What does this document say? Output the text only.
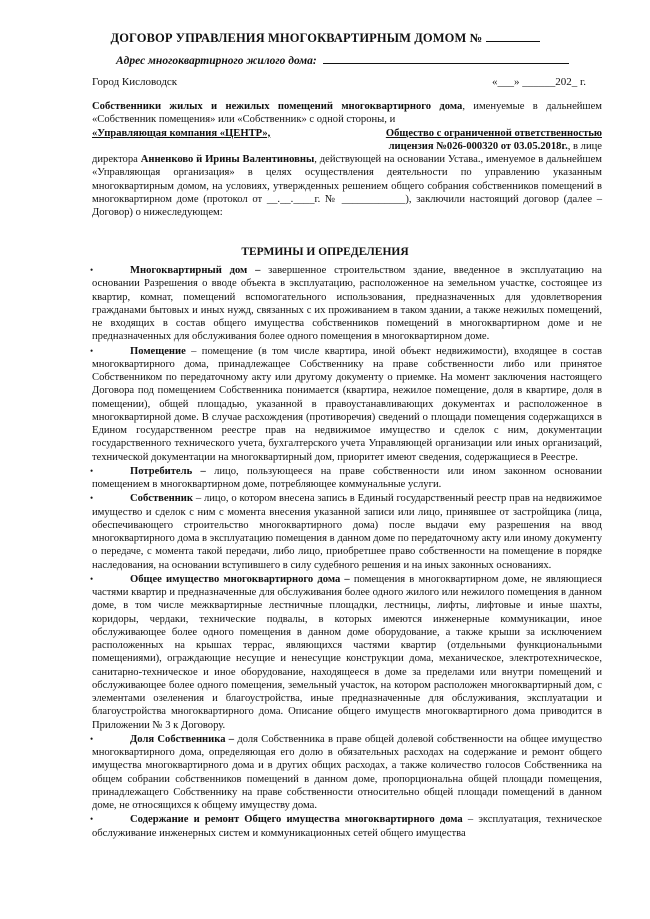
ДОГОВОР УПРАВЛЕНИЯ МНОГОКВАРТИРНЫМ ДОМОМ №
Адрес многоквартирного жилого дома:
Город Кисловодск	«___» ______202_ г.
Собственники жилых и нежилых помещений многоквартирного дома, именуемые в дальнейшем «Собственник помещения» или «Собственник» с одной стороны, и
«Управляющая компания «ЦЕНТР»,	Общество с ограниченной ответственностью
лицензия №026-000320 от 03.05.2018г., в лице
директора Анненково й Ирины Валентиновны, действующей на основании Устава., именуемое в дальнейшем «Управляющая организация» в целях осуществления деятельности по управлению указанным многоквартирным домом, на условиях, утвержденных решением общего собрания собственников помещений в многоквартирном доме (протокол от __.__.____г. № ____________), заключили настоящий договор (далее – Договор) о нижеследующем:
ТЕРМИНЫ И ОПРЕДЕЛЕНИЯ
•	Многоквартирный дом – завершенное строительством здание, введенное в эксплуатацию на основании Разрешения о вводе объекта в эксплуатацию, расположенное на земельном участке, состоящее из квартир, комнат, помещений вспомогательного использования, предназначенных для удовлетворения гражданами бытовых и иных нужд, связанных с их проживанием в таком здании, а также нежилых помещений, не входящих в состав общего имущества собственников помещений в многоквартирном доме и не предназначенных для обслуживания более одного помещения в многоквартирном доме.
•	Помещение – помещение (в том числе квартира, иной объект недвижимости), входящее в состав многоквартирного дома, принадлежащее Собственнику на праве собственности либо или принятое Собственником по передаточному акту или другому документу о приемке. На момент заключения настоящего Договора под помещением Собственника понимается (квартира, нежилое помещение, доля в квартире, доля в помещении), общей площадью, указанной в правоустанавливающих документах и расположенное в многоквартирной доме. В случае расхождения (противоречия) сведений о площади помещения содержащихся в Едином государственном реестре прав на недвижимое имущество и сделок с ним, документации государственного технического учета, бухгалтерского учета Управляющей организации или иных организаций, технической документации на многоквартирный дом, приоритет имеют сведения, содержащиеся в Реестре.
•	Потребитель – лицо, пользующееся на праве собственности или ином законном основании помещением в многоквартирном доме, потребляющее коммунальные услуги.
•	Собственник – лицо, о котором внесена запись в Единый государственный реестр прав на недвижимое имущество и сделок с ним с момента внесения указанной записи или лицо, принявшее от застройщика (лица, обеспечивающего строительство многоквартирного дома) после выдачи ему разрешения на ввод многоквартирного дома в эксплуатацию помещения в данном доме по передаточному акту или иному документу о передаче, с момента такой передачи, либо лицо, приобретшее право собственности на помещение в порядке наследования, на основании вступившего в силу судебного решения и на иных законных основаниях.
•	Общее имущество многоквартирного дома – помещения в многоквартирном доме, не являющиеся частями квартир и предназначенные для обслуживания более одного жилого или нежилого помещения в данном доме, в том числе межквартирные лестничные площадки, лестницы, лифты, лифтовые и иные шахты, коридоры, чердаки, технические подвалы, в которых имеются инженерные коммуникации, иное обслуживающее более одного помещения в данном доме оборудование, а также крыши за исключением расположенных на крышах террас, являющихся частями квартир (отдельными функциональными помещениями), ограждающие несущие и ненесущие конструкции дома, механическое, электротехническое, санитарно-техническое и иное оборудование, находящееся в доме за пределами или внутри помещений и обслуживающее более одного помещения, земельный участок, на котором расположен многоквартирный дом, с элементами озеленения и благоустройства, иные предназначенные для обслуживания, эксплуатации и благоустройства многоквартирного дома. Описание общего имуществ многоквартирного дома приводится в Приложении № 3 к Договору.
•	Доля Собственника – доля Собственника в праве общей долевой собственности на общее имущество многоквартирного дома, определяющая его долю в обязательных расходах на содержание и ремонт общего имущества многоквартирного дома и в других общих расходах, а также количество голосов Собственника на общем собрании собственников помещений в данном доме, пропорциональна общей площади помещения, принадлежащего Собственнику на праве собственности относительно общей площади помещений в данном доме, не относящихся к общему имуществу дома.
•	Содержание и ремонт Общего имущества многоквартирного дома – эксплуатация, техническое обслуживание инженерных систем и коммуникационных сетей общего имущества
